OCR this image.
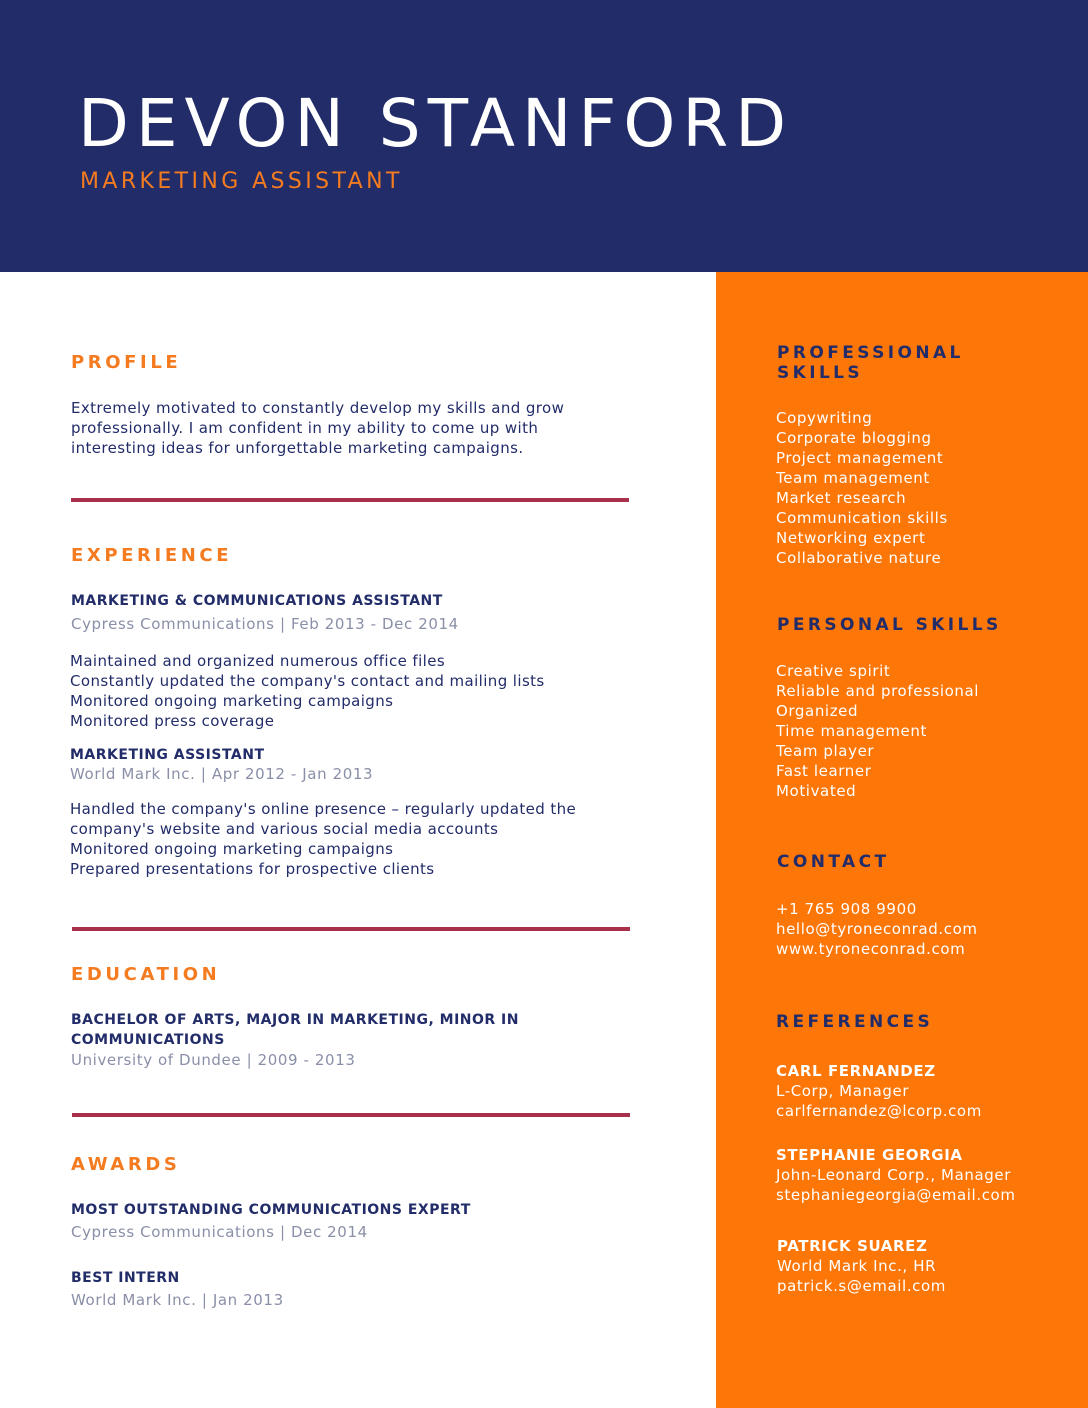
DEVON STANFORD
MARKETING ASSISTANT
PROFILE
Extremely motivated to constantly develop my skills and grow
professionally. I am confident in my ability to come up with
interesting ideas for unforgettable marketing campaigns.
EXPERIENCE
MARKETING & COMMUNICATIONS ASSISTANT
Cypress Communications | Feb 2013 - Dec 2014
Maintained and organized numerous office files
Constantly updated the company's contact and mailing lists
Monitored ongoing marketing campaigns
Monitored press coverage
MARKETING ASSISTANT
World Mark Inc. | Apr 2012 - Jan 2013
Handled the company's online presence – regularly updated the
company's website and various social media accounts
Monitored ongoing marketing campaigns
Prepared presentations for prospective clients
EDUCATION
BACHELOR OF ARTS, MAJOR IN MARKETING, MINOR IN
COMMUNICATIONS
University of Dundee | 2009 - 2013
AWARDS
MOST OUTSTANDING COMMUNICATIONS EXPERT
Cypress Communications | Dec 2014
BEST INTERN
World Mark Inc. | Jan 2013
PROFESSIONAL
SKILLS
Copywriting
Corporate blogging
Project management
Team management
Market research
Communication skills
Networking expert
Collaborative nature
PERSONAL SKILLS
Creative spirit
Reliable and professional
Organized
Time management
Team player
Fast learner
Motivated
CONTACT
+1 765 908 9900
hello@tyroneconrad.com
www.tyroneconrad.com
REFERENCES
CARL FERNANDEZ
L-Corp, Manager
carlfernandez@lcorp.com
STEPHANIE GEORGIA
John-Leonard Corp., Manager
stephaniegeorgia@email.com
PATRICK SUAREZ
World Mark Inc., HR
patrick.s@email.com
